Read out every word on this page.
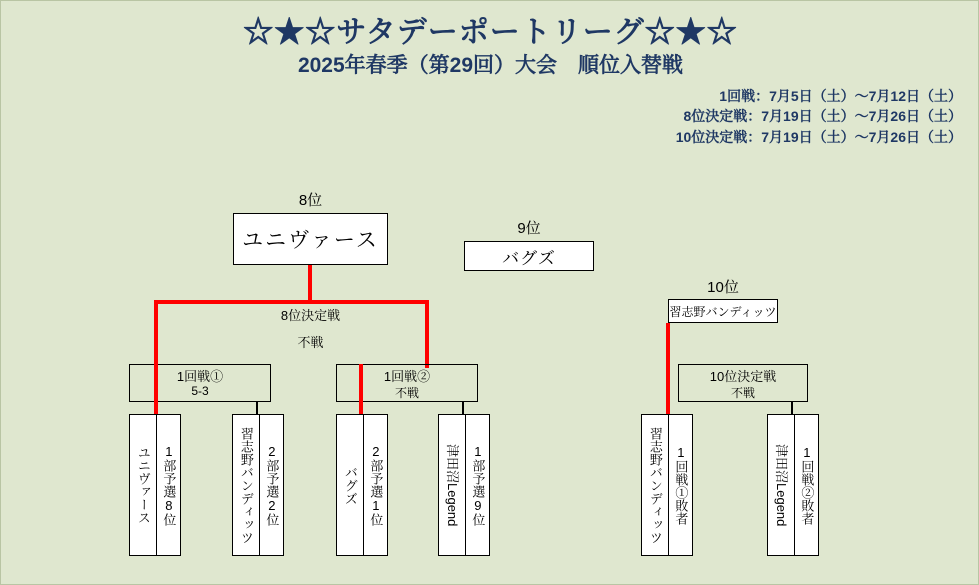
☆★☆サタデーポートリーグ☆★☆
2025年春季（第29回）大会　順位入替戦
1回戦：7月5日（土）〜7月12日（土）
8位決定戦：7月19日（土）〜7月26日（土）
10位決定戦：7月19日（土）〜7月26日（土）
8位
ユニヴァース
8位決定戦
不戦
1回戦①
5-3
1部予選8位
ユニヴァース	2部予選2位
習志野バンディッツ
1回戦②
不戦
2部予選1位
バグズ	1部予選9位
津田沼Legend
9位
バグズ
10位
習志野バンディッツ
10位決定戦
不戦
1回戦①敗者
習志野バンディッツ	1回戦②敗者
津田沼Legend
